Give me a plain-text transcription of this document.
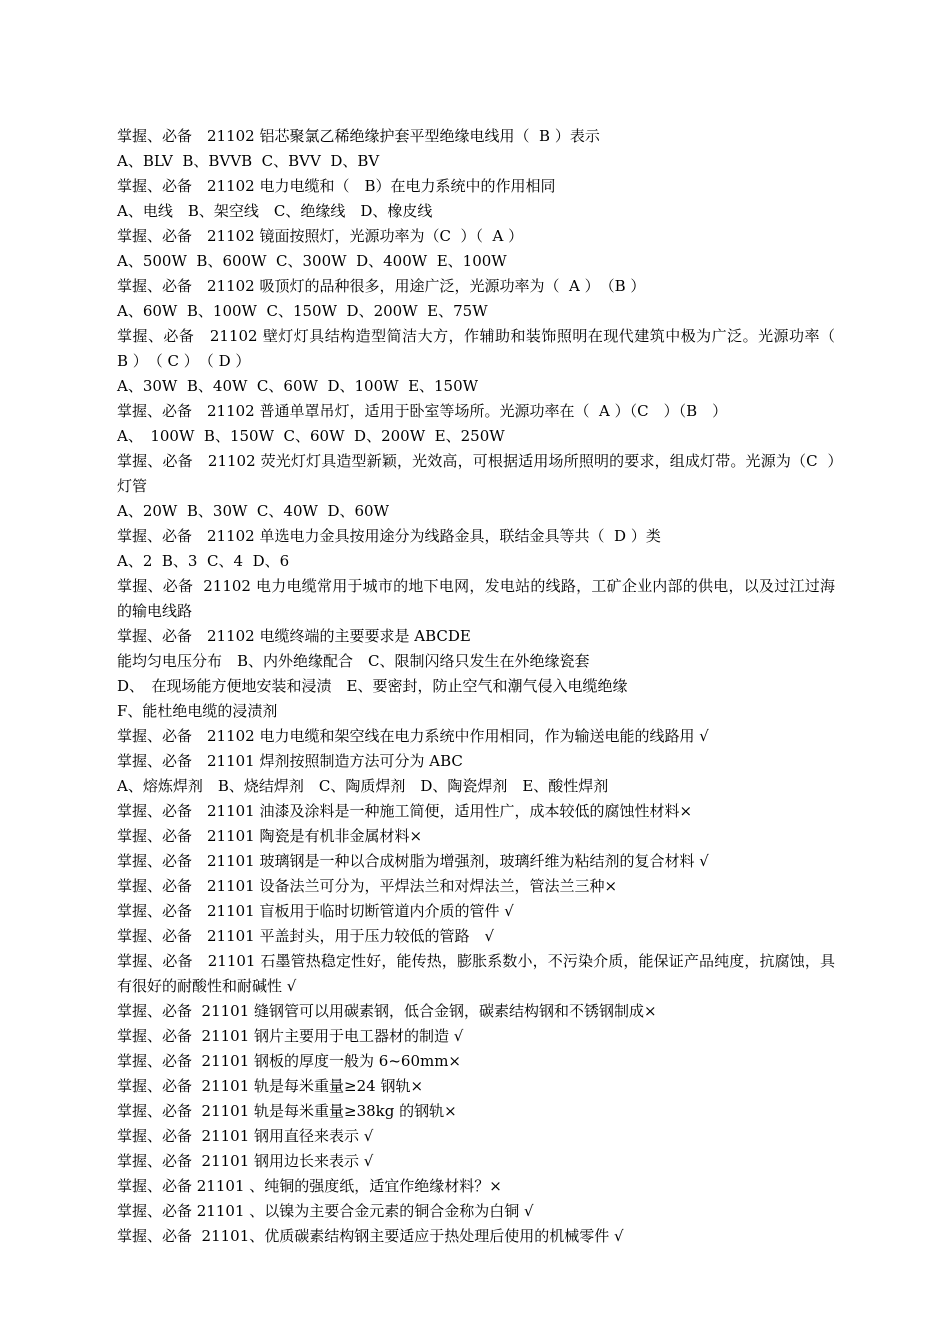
掌握、必备　21102 铝芯聚氯乙稀绝缘护套平型绝缘电线用（  B ）表示

A、BLV  B、BVVB  C、BVV  D、BV

掌握、必备　21102 电力电缆和（　B）在电力系统中的作用相同

A、电线　B、架空线　C、绝缘线　D、橡皮线

掌握、必备　21102 镜面按照灯，光源功率为（C  ）（  A ）

A、500W  B、600W  C、300W  D、400W  E、100W

掌握、必备　21102 吸顶灯的品种很多，用途广泛，光源功率为（  A ）　（B ）

A、60W  B、100W  C、150W  D、200W  E、75W

掌握、必备　21102 壁灯灯具结构造型简洁大方，作辅助和装饰照明在现代建筑中极为广泛。光源功率（  B ）　（ C ）　（ D ）

A、30W  B、40W  C、60W  D、100W  E、150W

掌握、必备　21102 普通单罩吊灯，适用于卧室等场所。光源功率在（  A ）（C　）（B　）

A、　100W  B、150W  C、60W  D、200W  E、250W

掌握、必备　21102 荧光灯灯具造型新颖，光效高，可根据适用场所照明的要求，组成灯带。光源为（C  ）灯管

A、20W  B、30W  C、40W  D、60W

掌握、必备　21102 单选电力金具按用途分为线路金具，联结金具等共（  D ）类

A、2  B、3  C、4  D、6

掌握、必备  21102 电力电缆常用于城市的地下电网，发电站的线路，工矿企业内部的供电，以及过江过海的输电线路

掌握、必备　21102 电缆终端的主要要求是 ABCDE

能均匀电压分布　B、内外绝缘配合　C、限制闪络只发生在外绝缘瓷套

D、　在现场能方便地安装和浸渍　E、要密封，防止空气和潮气侵入电缆绝缘

F、能杜绝电缆的浸渍剂

掌握、必备　21102 电力电缆和架空线在电力系统中作用相同，作为输送电能的线路用 √

掌握、必备　21101 焊剂按照制造方法可分为 ABC

A、熔炼焊剂　B、烧结焊剂　C、陶质焊剂　D、陶瓷焊剂　E、酸性焊剂

掌握、必备　21101 油漆及涂料是一种施工简便，适用性广，成本较低的腐蚀性材料×

掌握、必备　21101 陶瓷是有机非金属材料×

掌握、必备　21101 玻璃钢是一种以合成树脂为增强剂，玻璃纤维为粘结剂的复合材料 √

掌握、必备　21101 设备法兰可分为，平焊法兰和对焊法兰，管法兰三种×

掌握、必备　21101 盲板用于临时切断管道内介质的管件 √

掌握、必备　21101 平盖封头，用于压力较低的管路　√

掌握、必备　21101 石墨管热稳定性好，能传热，膨胀系数小，不污染介质，能保证产品纯度，抗腐蚀，具有很好的耐酸性和耐碱性 √

掌握、必备  21101 缝钢管可以用碳素钢，低合金钢，碳素结构钢和不锈钢制成×

掌握、必备  21101 钢片主要用于电工器材的制造 √

掌握、必备  21101 钢板的厚度一般为 6~60mm×

掌握、必备  21101 轨是每米重量≥24 钢轨×

掌握、必备  21101 轨是每米重量≥38kg 的钢轨×

掌握、必备  21101 钢用直径来表示 √

掌握、必备  21101 钢用边长来表示 √

掌握、必备 21101 、纯铜的强度纸，适宜作绝缘材料？×

掌握、必备 21101 、以镍为主要合金元素的铜合金称为白铜 √

掌握、必备  21101、优质碳素结构钢主要适应于热处理后使用的机械零件 √
